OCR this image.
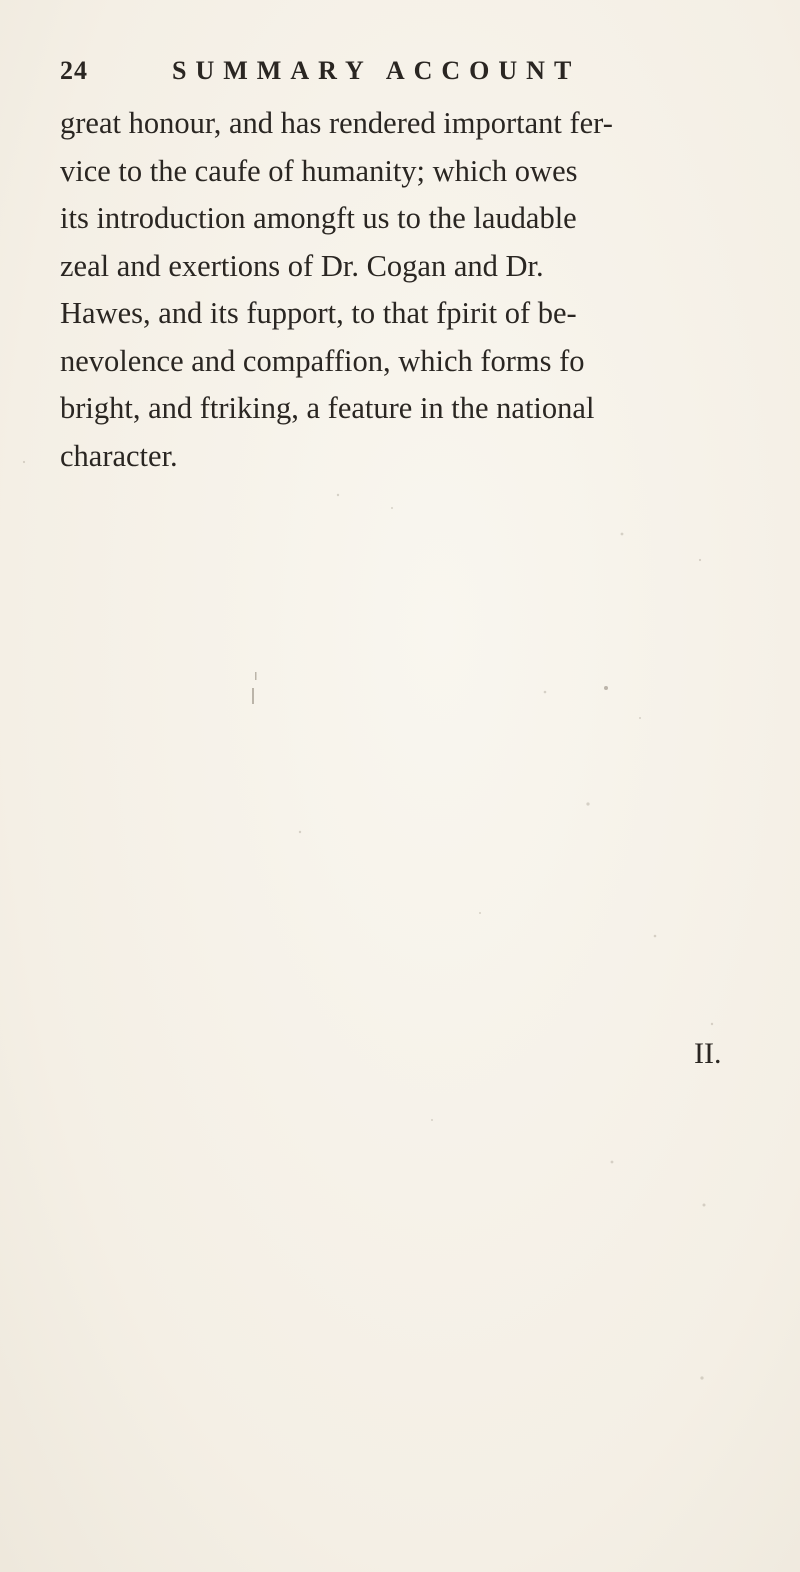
24	SUMMARY ACCOUNT
great honour, and has rendered important fer-
vice to the caufe of humanity; which owes
its introduction amongft us to the laudable
zeal and exertions of Dr. Cogan and Dr.
Hawes, and its fupport, to that fpirit of be-
nevolence and compaffion, which forms fo
bright, and ftriking, a feature in the national
character.
II.
